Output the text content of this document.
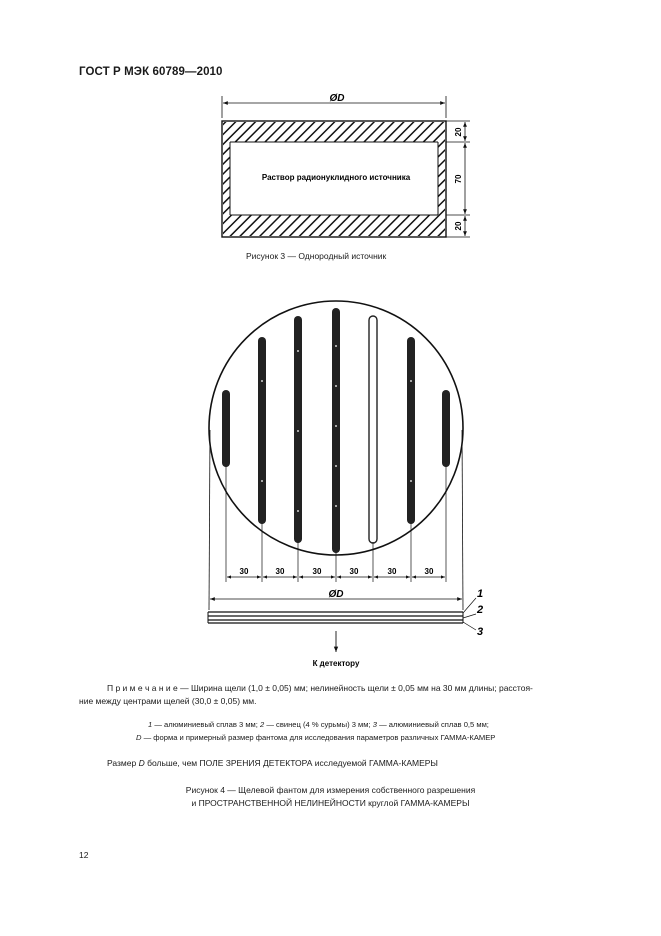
ГОСТ Р МЭК 60789—2010
ØD
Раствор радионуклидного источника
20
70
20
Рисунок 3 — Однородный источник
30	30	30	30	30	30
ØD	1
2
3
К детектору
П р и м е ч а н и е — Ширина щели (1,0 ± 0,05) мм; нелинейность щели ± 0,05 мм на 30 мм длины; расстоя-
ние между центрами щелей (30,0 ± 0,05) мм.
1 — алюминиевый сплав 3 мм; 2 — свинец (4 % сурьмы) 3 мм; 3 — алюминиевый сплав 0,5 мм;
D — форма и примерный размер фантома для исследования параметров различных ГАММА-КАМЕР
Размер D больше, чем ПОЛЕ ЗРЕНИЯ ДЕТЕКТОРА исследуемой ГАММА-КАМЕРЫ
Рисунок 4 — Щелевой фантом для измерения собственного разрешения
и ПРОСТРАНСТВЕННОЙ НЕЛИНЕЙНОСТИ круглой ГАММА-КАМЕРЫ
12
